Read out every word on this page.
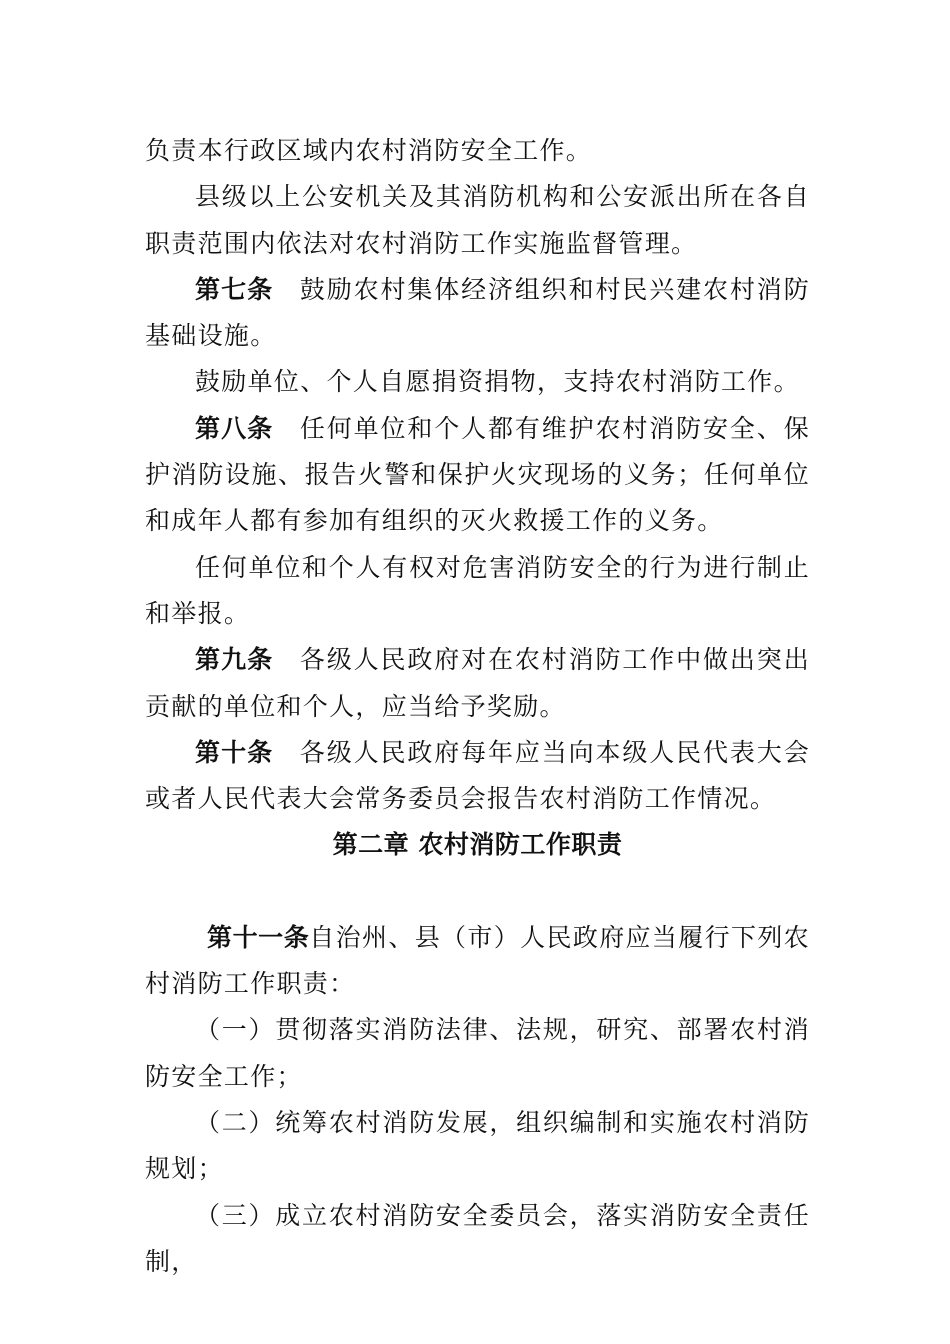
负责本行政区域内农村消防安全工作。

县级以上公安机关及其消防机构和公安派出所在各自职责范围内依法对农村消防工作实施监督管理。

第七条 鼓励农村集体经济组织和村民兴建农村消防基础设施。

鼓励单位、个人自愿捐资捐物，支持农村消防工作。

第八条 任何单位和个人都有维护农村消防安全、保护消防设施、报告火警和保护火灾现场的义务；任何单位和成年人都有参加有组织的灭火救援工作的义务。

任何单位和个人有权对危害消防安全的行为进行制止和举报。

第九条 各级人民政府对在农村消防工作中做出突出贡献的单位和个人，应当给予奖励。

第十条 各级人民政府每年应当向本级人民代表大会或者人民代表大会常务委员会报告农村消防工作情况。

第二章 农村消防工作职责

第十一条自治州、县（市）人民政府应当履行下列农村消防工作职责：

（一）贯彻落实消防法律、法规，研究、部署农村消防安全工作；

（二）统筹农村消防发展，组织编制和实施农村消防规划；

（三）成立农村消防安全委员会，落实消防安全责任制，
